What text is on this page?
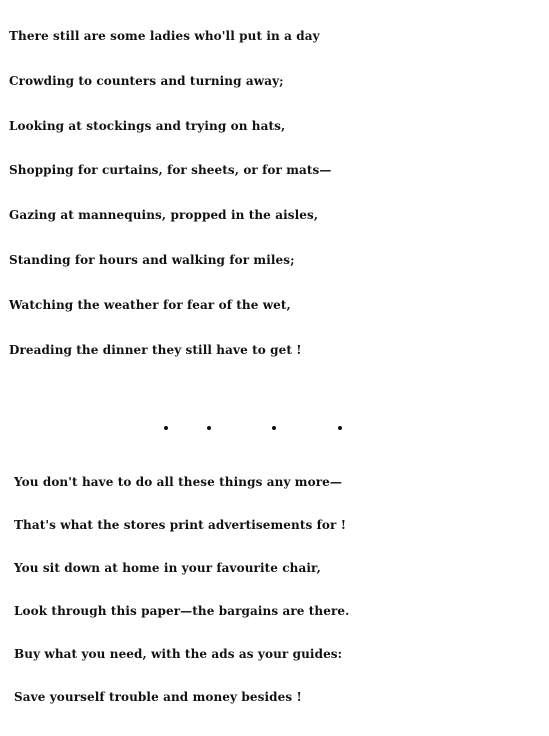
There still are some ladies who'll put in a day
Crowding to counters and turning away;
Looking at stockings and trying on hats,
Shopping for curtains, for sheets, or for mats—
Gazing at mannequins, propped in the aisles,
Standing for hours and walking for miles;
Watching the weather for fear of the wet,
Dreading the dinner they still have to get !
You don't have to do all these things any more—
That's what the stores print advertisements for !
You sit down at home in your favourite chair,
Look through this paper—the bargains are there.
Buy what you need, with the ads as your guides:
Save yourself trouble and money besides !
